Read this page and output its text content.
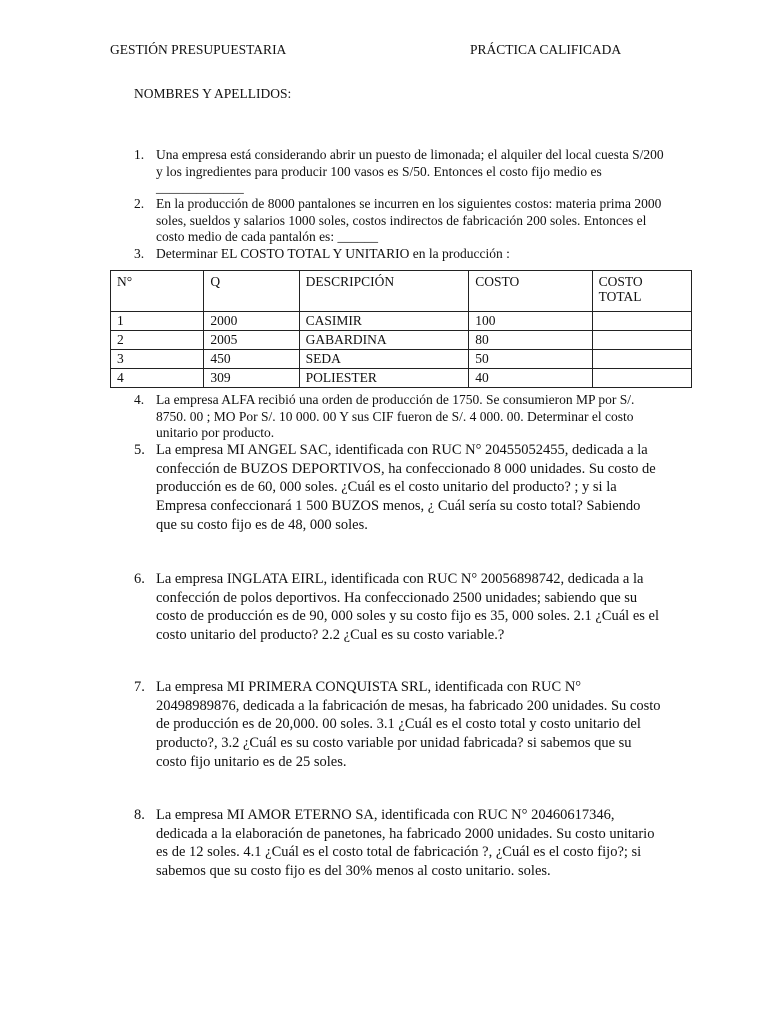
GESTIÓN PRESUPUESTARIA	PRÁCTICA CALIFICADA
NOMBRES Y APELLIDOS:
1. Una empresa está considerando abrir un puesto de limonada; el alquiler del local cuesta S/200 y los ingredientes para producir 100 vasos es S/50. Entonces el costo fijo medio es _____________
2. En la producción de 8000 pantalones se incurren en los siguientes costos: materia prima 2000 soles, sueldos y salarios 1000 soles, costos indirectos de fabricación 200 soles. Entonces el costo medio de cada pantalón es: ______
3. Determinar EL COSTO TOTAL Y UNITARIO en la producción :
N°	Q	DESCRIPCIÓN	COSTO	COSTO TOTAL
1	2000	CASIMIR	100	
2	2005	GABARDINA	80	
3	450	SEDA	50	
4	309	POLIESTER	40	
4. La empresa ALFA recibió una orden de producción de 1750. Se consumieron MP por S/. 8750. 00 ; MO Por S/. 10 000. 00 Y sus CIF fueron de S/. 4 000. 00. Determinar el costo unitario por producto.
5. La empresa MI ANGEL SAC, identificada con RUC N° 20455052455, dedicada a la confección de BUZOS DEPORTIVOS, ha confeccionado 8 000 unidades. Su costo de producción es de 60, 000 soles. ¿Cuál es el costo unitario del producto? ; y si la Empresa confeccionará 1 500 BUZOS menos, ¿ Cuál sería su costo total? Sabiendo que su costo fijo es de 48, 000 soles.
6. La empresa INGLATA EIRL, identificada con RUC N° 20056898742, dedicada a la confección de polos deportivos. Ha confeccionado 2500 unidades; sabiendo que su costo de producción es de 90, 000 soles y su costo fijo es 35, 000 soles. 2.1 ¿Cuál es el costo unitario del producto? 2.2 ¿Cual es su costo variable.?
7. La empresa MI PRIMERA CONQUISTA SRL, identificada con RUC N° 20498989876, dedicada a la fabricación de mesas, ha fabricado 200 unidades. Su costo de producción es de 20,000. 00 soles. 3.1 ¿Cuál es el costo total y costo unitario del producto?, 3.2 ¿Cuál es su costo variable por unidad fabricada? si sabemos que su costo fijo unitario es de 25 soles.
8. La empresa MI AMOR ETERNO SA, identificada con RUC N° 20460617346, dedicada a la elaboración de panetones, ha fabricado 2000 unidades. Su costo unitario es de 12 soles. 4.1 ¿Cuál es el costo total de fabricación ?, ¿Cuál es el costo fijo?; si sabemos que su costo fijo es del 30% menos al costo unitario. soles.
